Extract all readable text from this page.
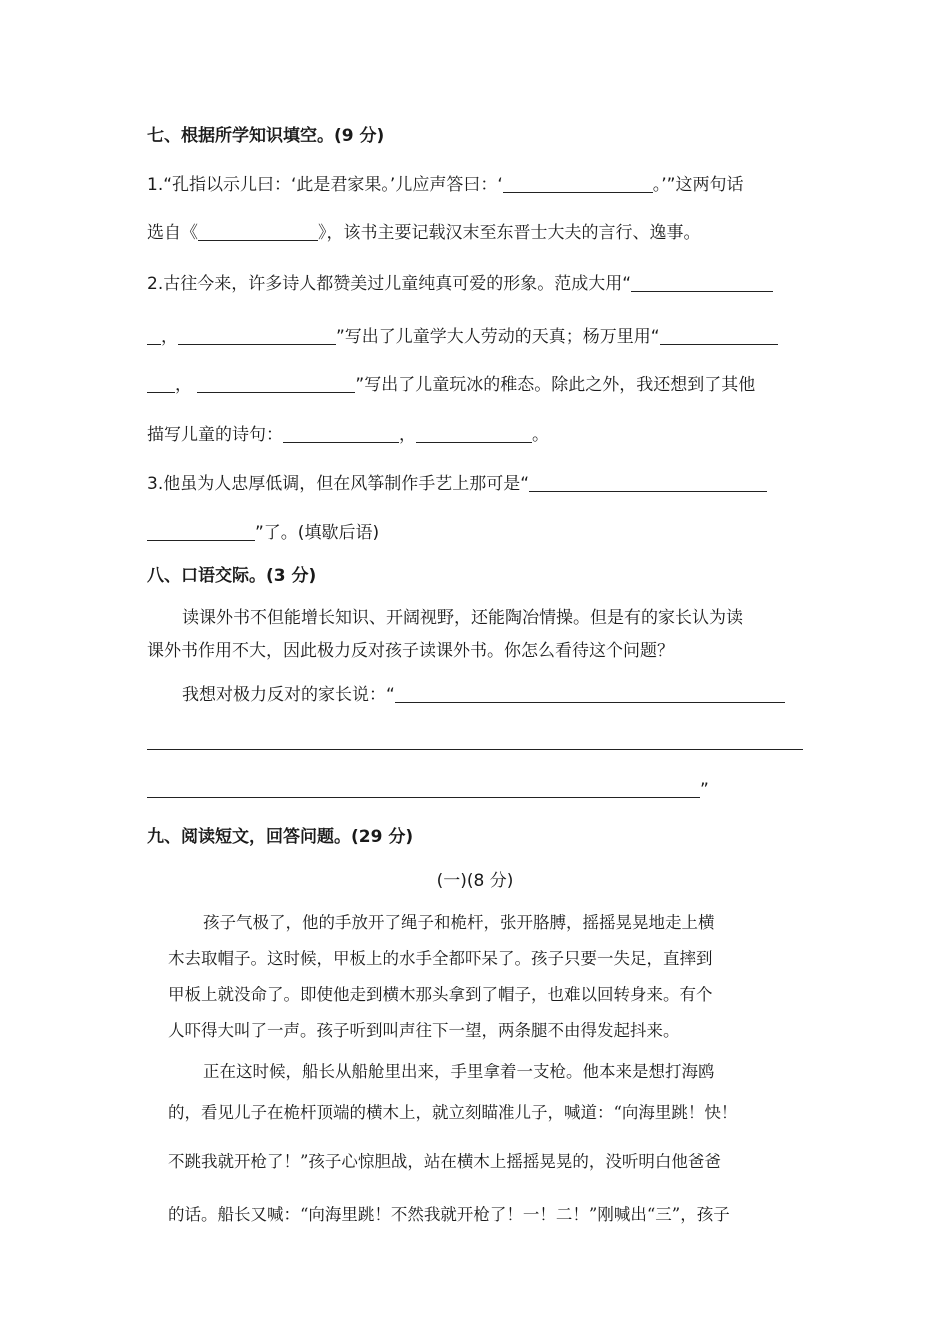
七、根据所学知识填空。(9 分)
1.“孔指以示儿曰：‘此是君家果。’儿应声答曰：‘	。’”这两句话
选自《	》，该书主要记载汉末至东晋士大夫的言行、逸事。
2.古往今来，许多诗人都赞美过儿童纯真可爱的形象。范成大用“
，	”写出了儿童学大人劳动的天真；杨万里用“
，	”写出了儿童玩冰的稚态。除此之外，我还想到了其他
描写儿童的诗句：	，	。
3.他虽为人忠厚低调，但在风筝制作手艺上那可是“
”了。(填歇后语)
八、口语交际。(3 分)
读课外书不但能增长知识、开阔视野，还能陶冶情操。但是有的家长认为读
课外书作用不大，因此极力反对孩子读课外书。你怎么看待这个问题？
我想对极力反对的家长说：“
”
九、阅读短文，回答问题。(29 分)
(一)(8 分)
孩子气极了，他的手放开了绳子和桅杆，张开胳膊，摇摇晃晃地走上横
木去取帽子。这时候，甲板上的水手全都吓呆了。孩子只要一失足，直摔到
甲板上就没命了。即使他走到横木那头拿到了帽子，也难以回转身来。有个
人吓得大叫了一声。孩子听到叫声往下一望，两条腿不由得发起抖来。
正在这时候，船长从船舱里出来，手里拿着一支枪。他本来是想打海鸥
的，看见儿子在桅杆顶端的横木上，就立刻瞄准儿子，喊道：“向海里跳！快！
不跳我就开枪了！”孩子心惊胆战，站在横木上摇摇晃晃的，没听明白他爸爸
的话。船长又喊：“向海里跳！不然我就开枪了！一！二！”刚喊出“三”，孩子
